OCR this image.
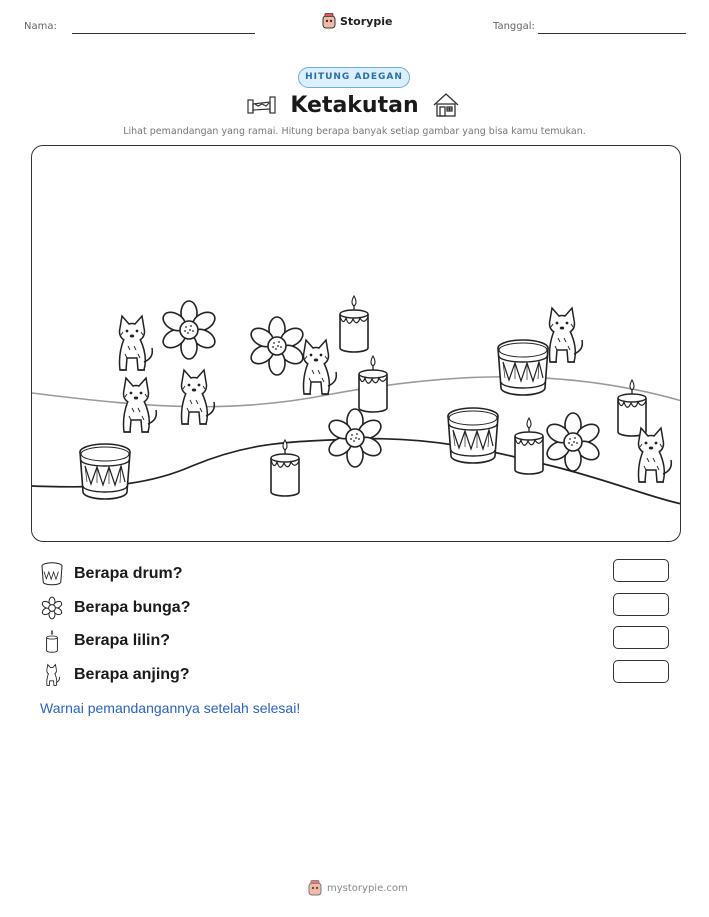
Nama:	Storypie	Tanggal:
HITUNG ADEGAN
Ketakutan
Lihat pemandangan yang ramai. Hitung berapa banyak setiap gambar yang bisa kamu temukan.
Berapa drum?
Berapa bunga?
Berapa lilin?
Berapa anjing?
Warnai pemandangannya setelah selesai!
mystorypie.com
